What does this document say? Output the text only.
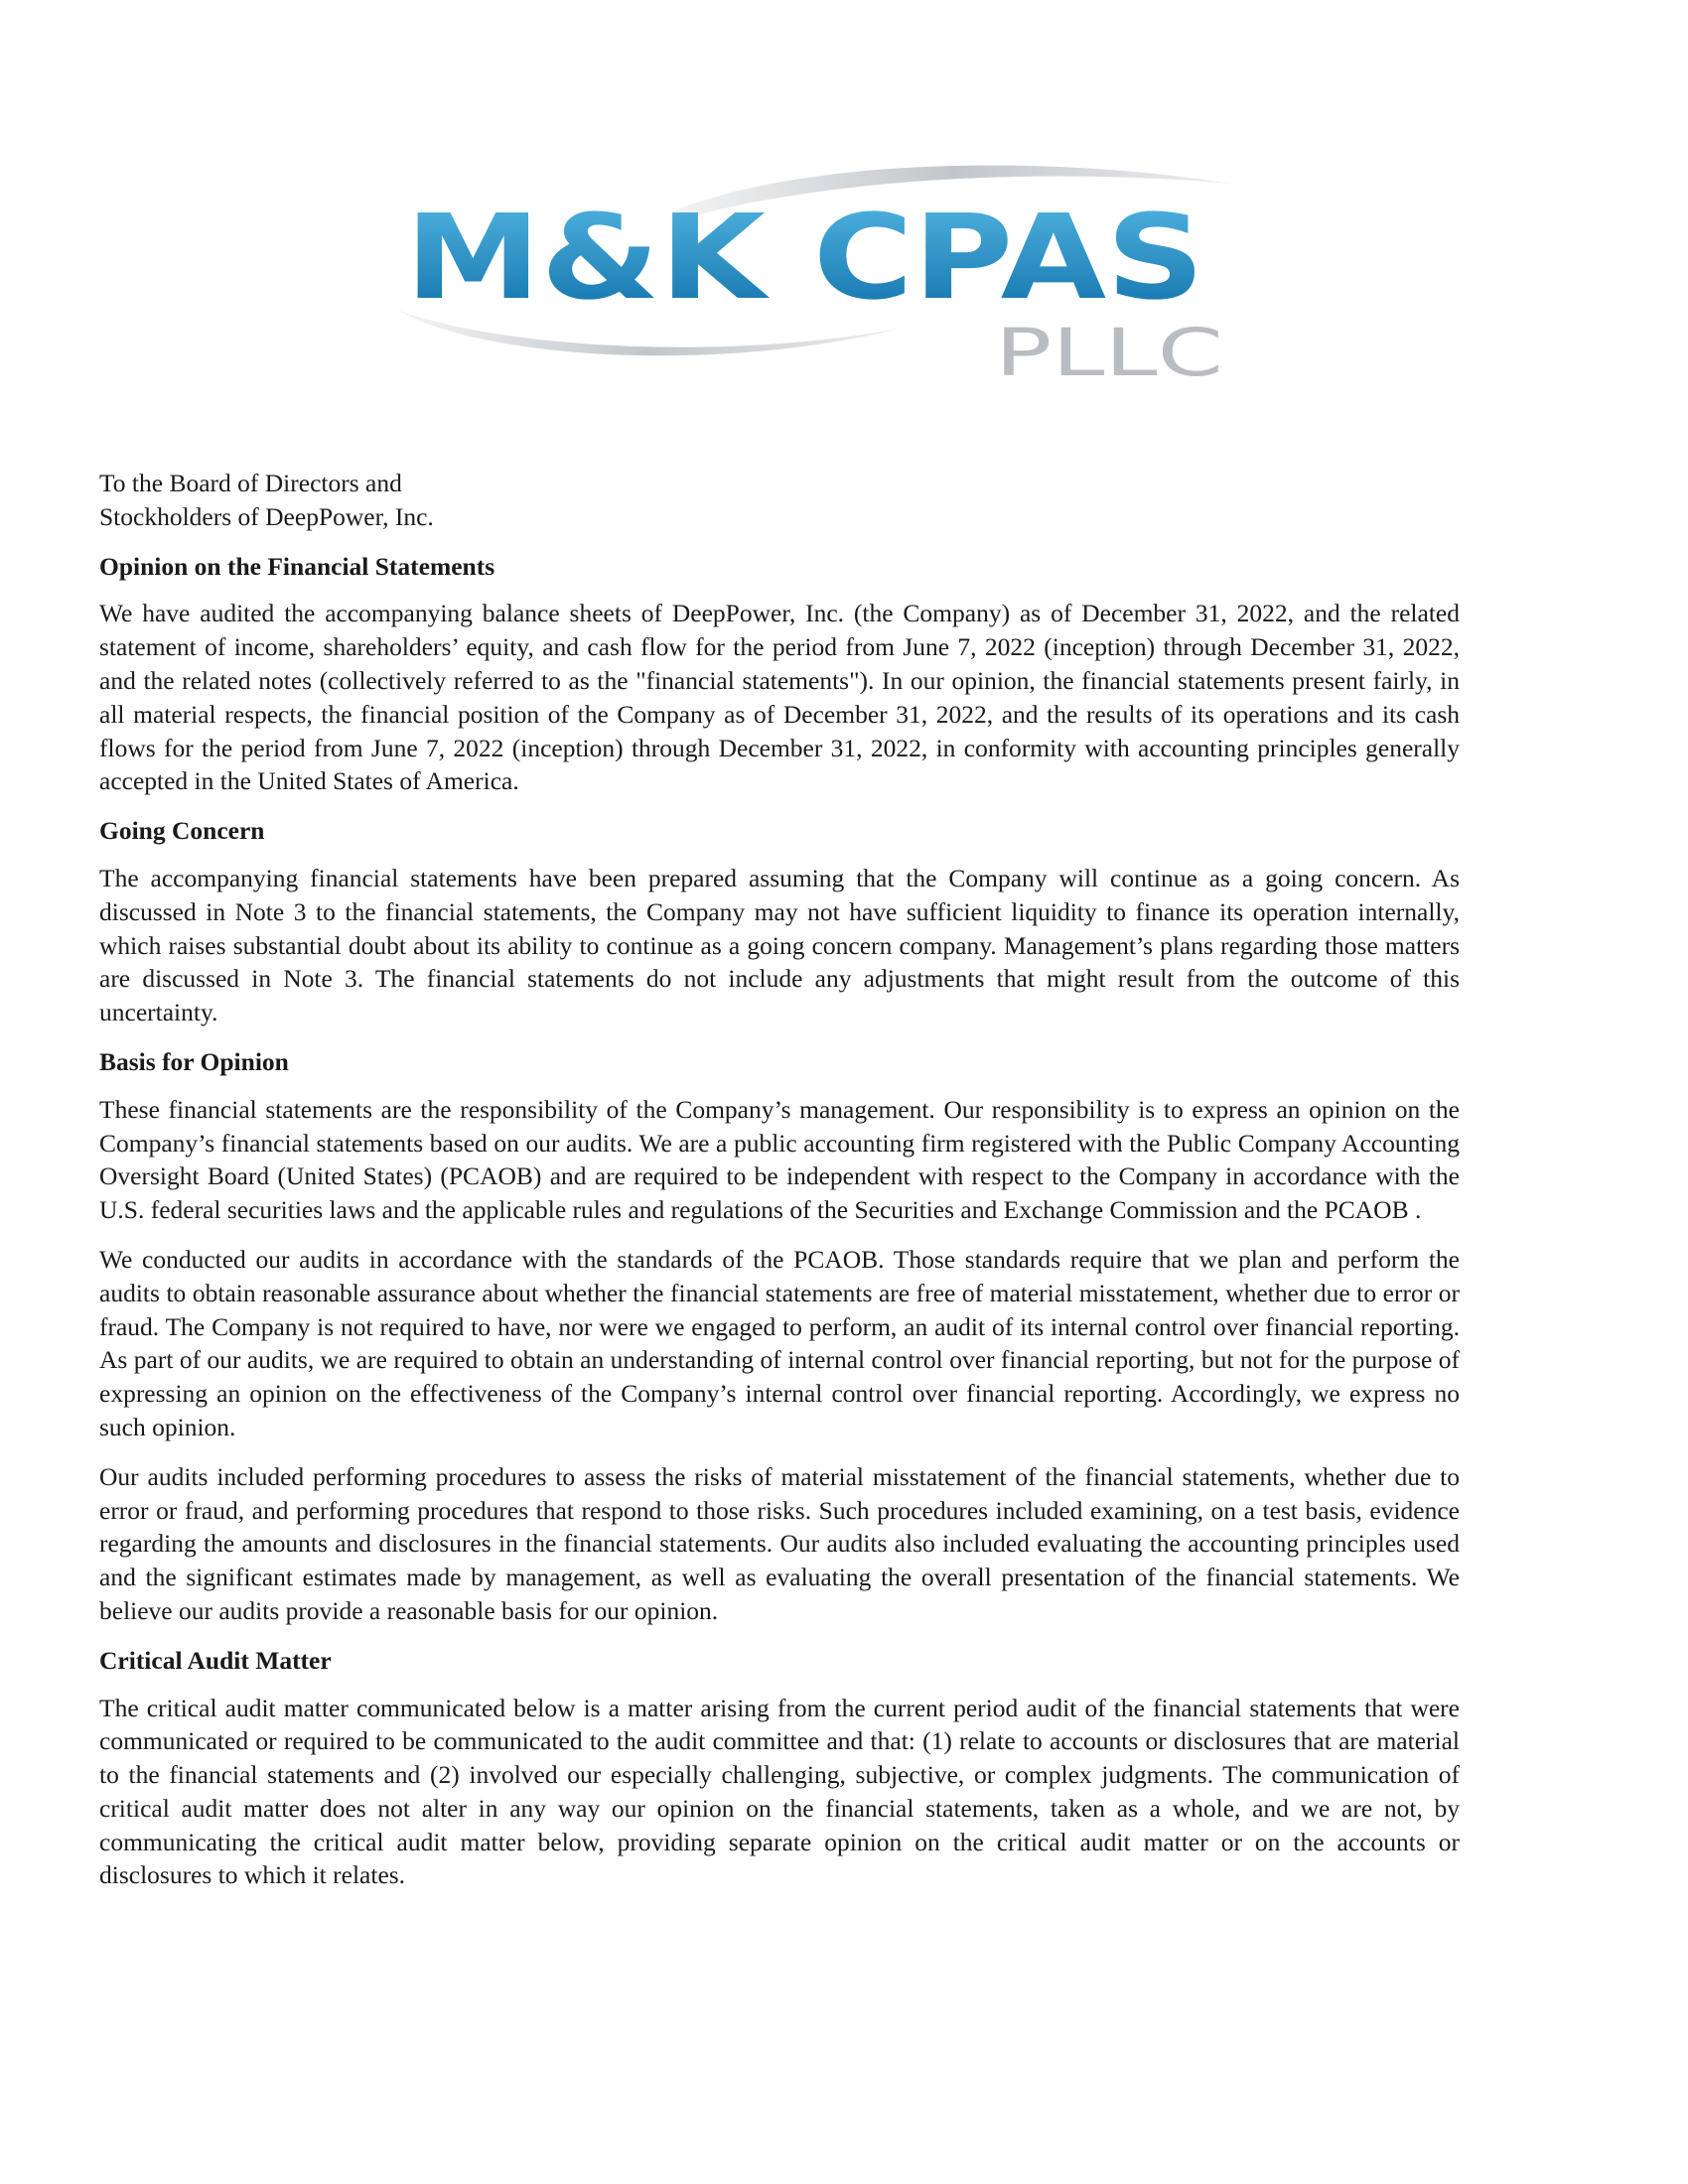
M&K CPAS
PLLC
To the Board of Directors and
Stockholders of DeepPower, Inc.
Opinion on the Financial Statements

We have audited the accompanying balance sheets of DeepPower, Inc. (the Company) as of December 31, 2022, and the related statement of income, shareholders’ equity, and cash flow for the period from June 7, 2022 (inception) through December 31, 2022, and the related notes (collectively referred to as the "financial statements"). In our opinion, the financial statements present fairly, in all material respects, the financial position of the Company as of December 31, 2022, and the results of its operations and its cash flows for the period from June 7, 2022 (inception) through December 31, 2022, in conformity with accounting principles generally accepted in the United States of America.

Going Concern

The accompanying financial statements have been prepared assuming that the Company will continue as a going concern. As discussed in Note 3 to the financial statements, the Company may not have sufficient liquidity to finance its operation internally, which raises substantial doubt about its ability to continue as a going concern company. Management’s plans regarding those matters are discussed in Note 3. The financial statements do not include any adjustments that might result from the outcome of this uncertainty.

Basis for Opinion

These financial statements are the responsibility of the Company’s management. Our responsibility is to express an opinion on the Company’s financial statements based on our audits. We are a public accounting firm registered with the Public Company Accounting Oversight Board (United States) (PCAOB) and are required to be independent with respect to the Company in accordance with the U.S. federal securities laws and the applicable rules and regulations of the Securities and Exchange Commission and the PCAOB .

We conducted our audits in accordance with the standards of the PCAOB. Those standards require that we plan and perform the audits to obtain reasonable assurance about whether the financial statements are free of material misstatement, whether due to error or fraud. The Company is not required to have, nor were we engaged to perform, an audit of its internal control over financial reporting. As part of our audits, we are required to obtain an understanding of internal control over financial reporting, but not for the purpose of expressing an opinion on the effectiveness of the Company’s internal control over financial reporting. Accordingly, we express no such opinion.

Our audits included performing procedures to assess the risks of material misstatement of the financial statements, whether due to error or fraud, and performing procedures that respond to those risks. Such procedures included examining, on a test basis, evidence regarding the amounts and disclosures in the financial statements. Our audits also included evaluating the accounting principles used and the significant estimates made by management, as well as evaluating the overall presentation of the financial statements. We believe our audits provide a reasonable basis for our opinion.

Critical Audit Matter

The critical audit matter communicated below is a matter arising from the current period audit of the financial statements that were communicated or required to be communicated to the audit committee and that: (1) relate to accounts or disclosures that are material to the financial statements and (2) involved our especially challenging, subjective, or complex judgments. The communication of critical audit matter does not alter in any way our opinion on the financial statements, taken as a whole, and we are not, by communicating the critical audit matter below, providing separate opinion on the critical audit matter or on the accounts or disclosures to which it relates.
